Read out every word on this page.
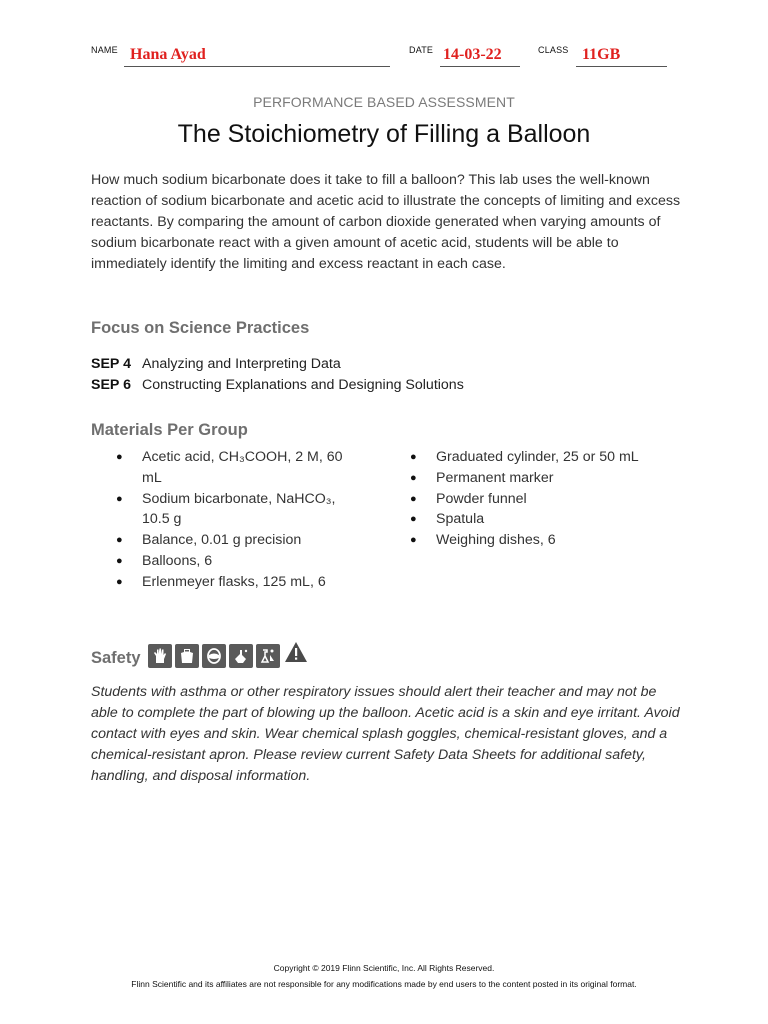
NAME Hana Ayad	DATE 14-03-22	CLASS 11GB
PERFORMANCE BASED ASSESSMENT
The Stoichiometry of Filling a Balloon
How much sodium bicarbonate does it take to fill a balloon? This lab uses the well-known reaction of sodium bicarbonate and acetic acid to illustrate the concepts of limiting and excess reactants. By comparing the amount of carbon dioxide generated when varying amounts of sodium bicarbonate react with a given amount of acetic acid, students will be able to immediately identify the limiting and excess reactant in each case.
Focus on Science Practices
SEP 4 Analyzing and Interpreting Data
SEP 6 Constructing Explanations and Designing Solutions
Materials Per Group
● Acetic acid, CH₃COOH, 2 M, 60 mL
● Sodium bicarbonate, NaHCO₃, 10.5 g
● Balance, 0.01 g precision
● Balloons, 6
● Erlenmeyer flasks, 125 mL, 6
● Graduated cylinder, 25 or 50 mL
● Permanent marker
● Powder funnel
● Spatula
● Weighing dishes, 6
Safety
Students with asthma or other respiratory issues should alert their teacher and may not be able to complete the part of blowing up the balloon. Acetic acid is a skin and eye irritant. Avoid contact with eyes and skin. Wear chemical splash goggles, chemical-resistant gloves, and a chemical-resistant apron. Please review current Safety Data Sheets for additional safety, handling, and disposal information.
Copyright © 2019 Flinn Scientific, Inc. All Rights Reserved.
Flinn Scientific and its affiliates are not responsible for any modifications made by end users to the content posted in its original format.
